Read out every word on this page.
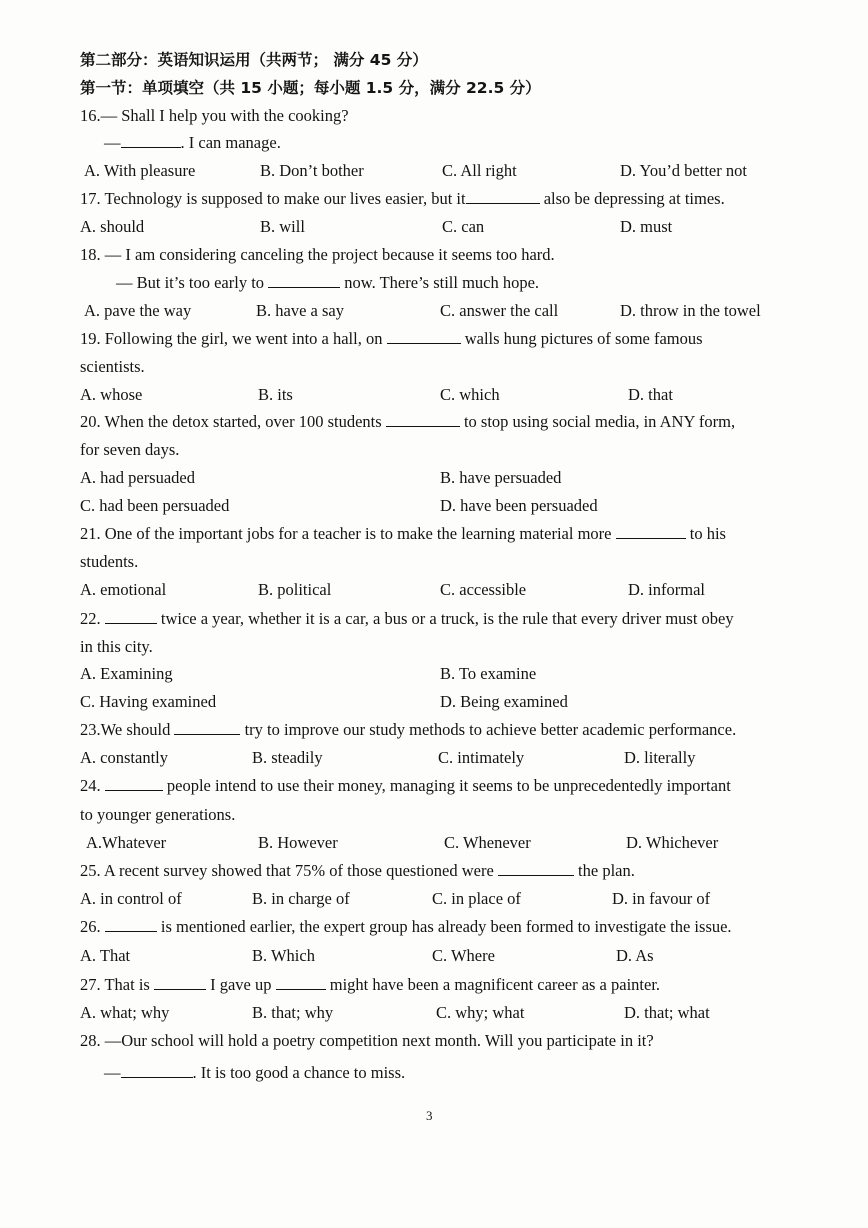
第二部分：英语知识运用（共两节； 满分 45 分）
第一节：单项填空（共 15 小题；每小题 1.5 分，满分 22.5 分）
16.— Shall I help you with the cooking?
—	. I can manage.
A. With pleasure	B. Don’t bother	C. All right	D. You’d better not
17. Technology is supposed to make our lives easier, but it	also be depressing at times.
A. should	B. will	C. can	D. must
18. — I am considering canceling the project because it seems too hard.
— But it’s too early to	now. There’s still much hope.
A. pave the way	B. have a say	C. answer the call	D. throw in the towel
19. Following the girl, we went into a hall, on	walls hung pictures of some famous
scientists.
A. whose	B. its	C. which	D. that
20. When the detox started, over 100 students	to stop using social media, in ANY form,
for seven days.
A. had persuaded	B. have persuaded
C. had been persuaded	D. have been persuaded
21. One of the important jobs for a teacher is to make the learning material more	to his
students.
A. emotional	B. political	C. accessible	D. informal
22.	twice a year, whether it is a car, a bus or a truck, is the rule that every driver must obey
in this city.
A. Examining	B. To examine
C. Having examined	D. Being examined
23.We should	try to improve our study methods to achieve better academic performance.
A. constantly	B. steadily	C. intimately	D. literally
24.	people intend to use their money, managing it seems to be unprecedentedly important
to younger generations.
A.Whatever	B. However	C. Whenever	D. Whichever
25. A recent survey showed that 75% of those questioned were	the plan.
A. in control of	B. in charge of	C. in place of	D. in favour of
26.	is mentioned earlier, the expert group has already been formed to investigate the issue.
A. That	B. Which	C. Where	D. As
27. That is	I gave up	might have been a magnificent career as a painter.
A. what; why	B. that; why	C. why; what	D. that; what
28. —Our school will hold a poetry competition next month. Will you participate in it?
—	. It is too good a chance to miss.
3
